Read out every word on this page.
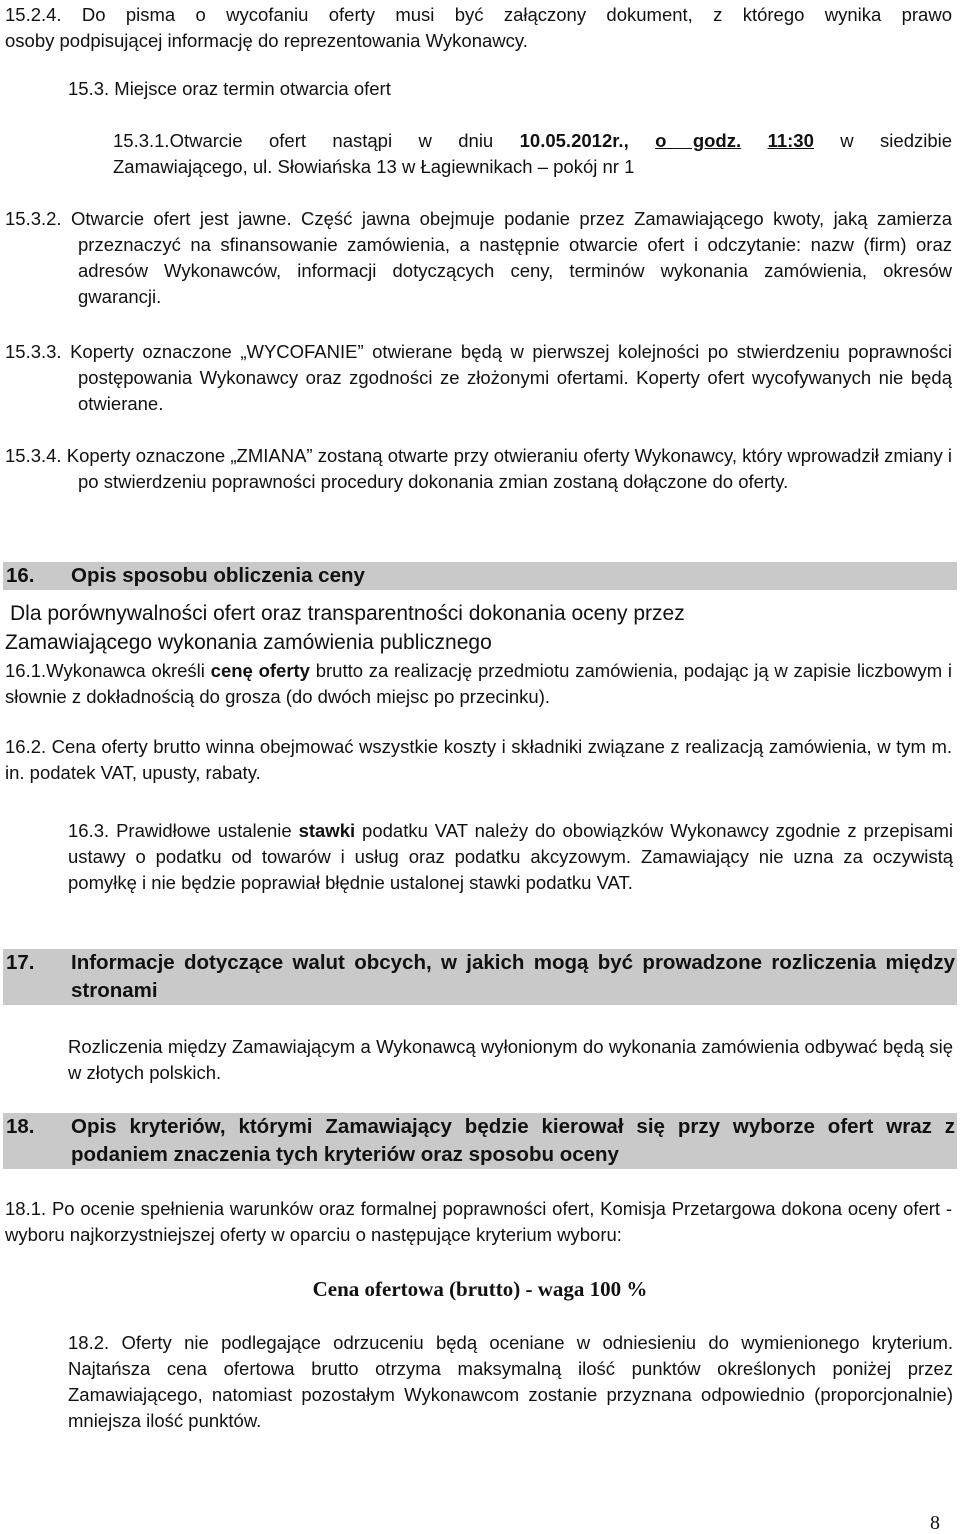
15.2.4. Do pisma o wycofaniu oferty musi być załączony dokument, z którego wynika prawo
osoby podpisującej informację do reprezentowania Wykonawcy.
15.3. Miejsce oraz termin otwarcia ofert
15.3.1.Otwarcie ofert nastąpi w dniu 10.05.2012r., o godz. 11:30 w siedzibie
Zamawiającego, ul. Słowiańska 13 w Łagiewnikach – pokój nr 1
15.3.2. Otwarcie ofert jest jawne. Część jawna obejmuje podanie przez Zamawiającego kwoty, jaką zamierza przeznaczyć na sfinansowanie zamówienia, a następnie otwarcie ofert i odczytanie: nazw (firm) oraz adresów Wykonawców, informacji dotyczących ceny, terminów wykonania zamówienia, okresów gwarancji.
15.3.3. Koperty oznaczone „WYCOFANIE” otwierane będą w pierwszej kolejności po stwierdzeniu poprawności postępowania Wykonawcy oraz zgodności ze złożonymi ofertami. Koperty ofert wycofywanych nie będą otwierane.
15.3.4. Koperty oznaczone „ZMIANA” zostaną otwarte przy otwieraniu oferty Wykonawcy, który wprowadził zmiany i po stwierdzeniu poprawności procedury dokonania zmian zostaną dołączone do oferty.
16. Opis sposobu obliczenia ceny
Dla porównywalności ofert oraz transparentności dokonania oceny przez
Zamawiającego wykonania zamówienia publicznego
16.1.Wykonawca określi cenę oferty brutto za realizację przedmiotu zamówienia, podając ją w zapisie liczbowym i słownie z dokładnością do grosza (do dwóch miejsc po przecinku).
16.2. Cena oferty brutto winna obejmować wszystkie koszty i składniki związane z realizacją zamówienia, w tym m. in. podatek VAT, upusty, rabaty.
16.3. Prawidłowe ustalenie stawki podatku VAT należy do obowiązków Wykonawcy zgodnie z przepisami ustawy o podatku od towarów i usług oraz podatku akcyzowym. Zamawiający nie uzna za oczywistą pomyłkę i nie będzie poprawiał błędnie ustalonej stawki podatku VAT.
17. Informacje dotyczące walut obcych, w jakich mogą być prowadzone rozliczenia między stronami
Rozliczenia między Zamawiającym a Wykonawcą wyłonionym do wykonania zamówienia odbywać będą się w złotych polskich.
18. Opis kryteriów, którymi Zamawiający będzie kierował się przy wyborze ofert wraz z podaniem znaczenia tych kryteriów oraz sposobu oceny
18.1. Po ocenie spełnienia warunków oraz formalnej poprawności ofert, Komisja Przetargowa dokona oceny ofert - wyboru najkorzystniejszej oferty w oparciu o następujące kryterium wyboru:
Cena ofertowa (brutto) - waga 100 %
18.2. Oferty nie podlegające odrzuceniu będą oceniane w odniesieniu do wymienionego kryterium. Najtańsza cena ofertowa brutto otrzyma maksymalną ilość punktów określonych poniżej przez Zamawiającego, natomiast pozostałym Wykonawcom zostanie przyznana odpowiednio (proporcjonalnie) mniejsza ilość punktów.
8
